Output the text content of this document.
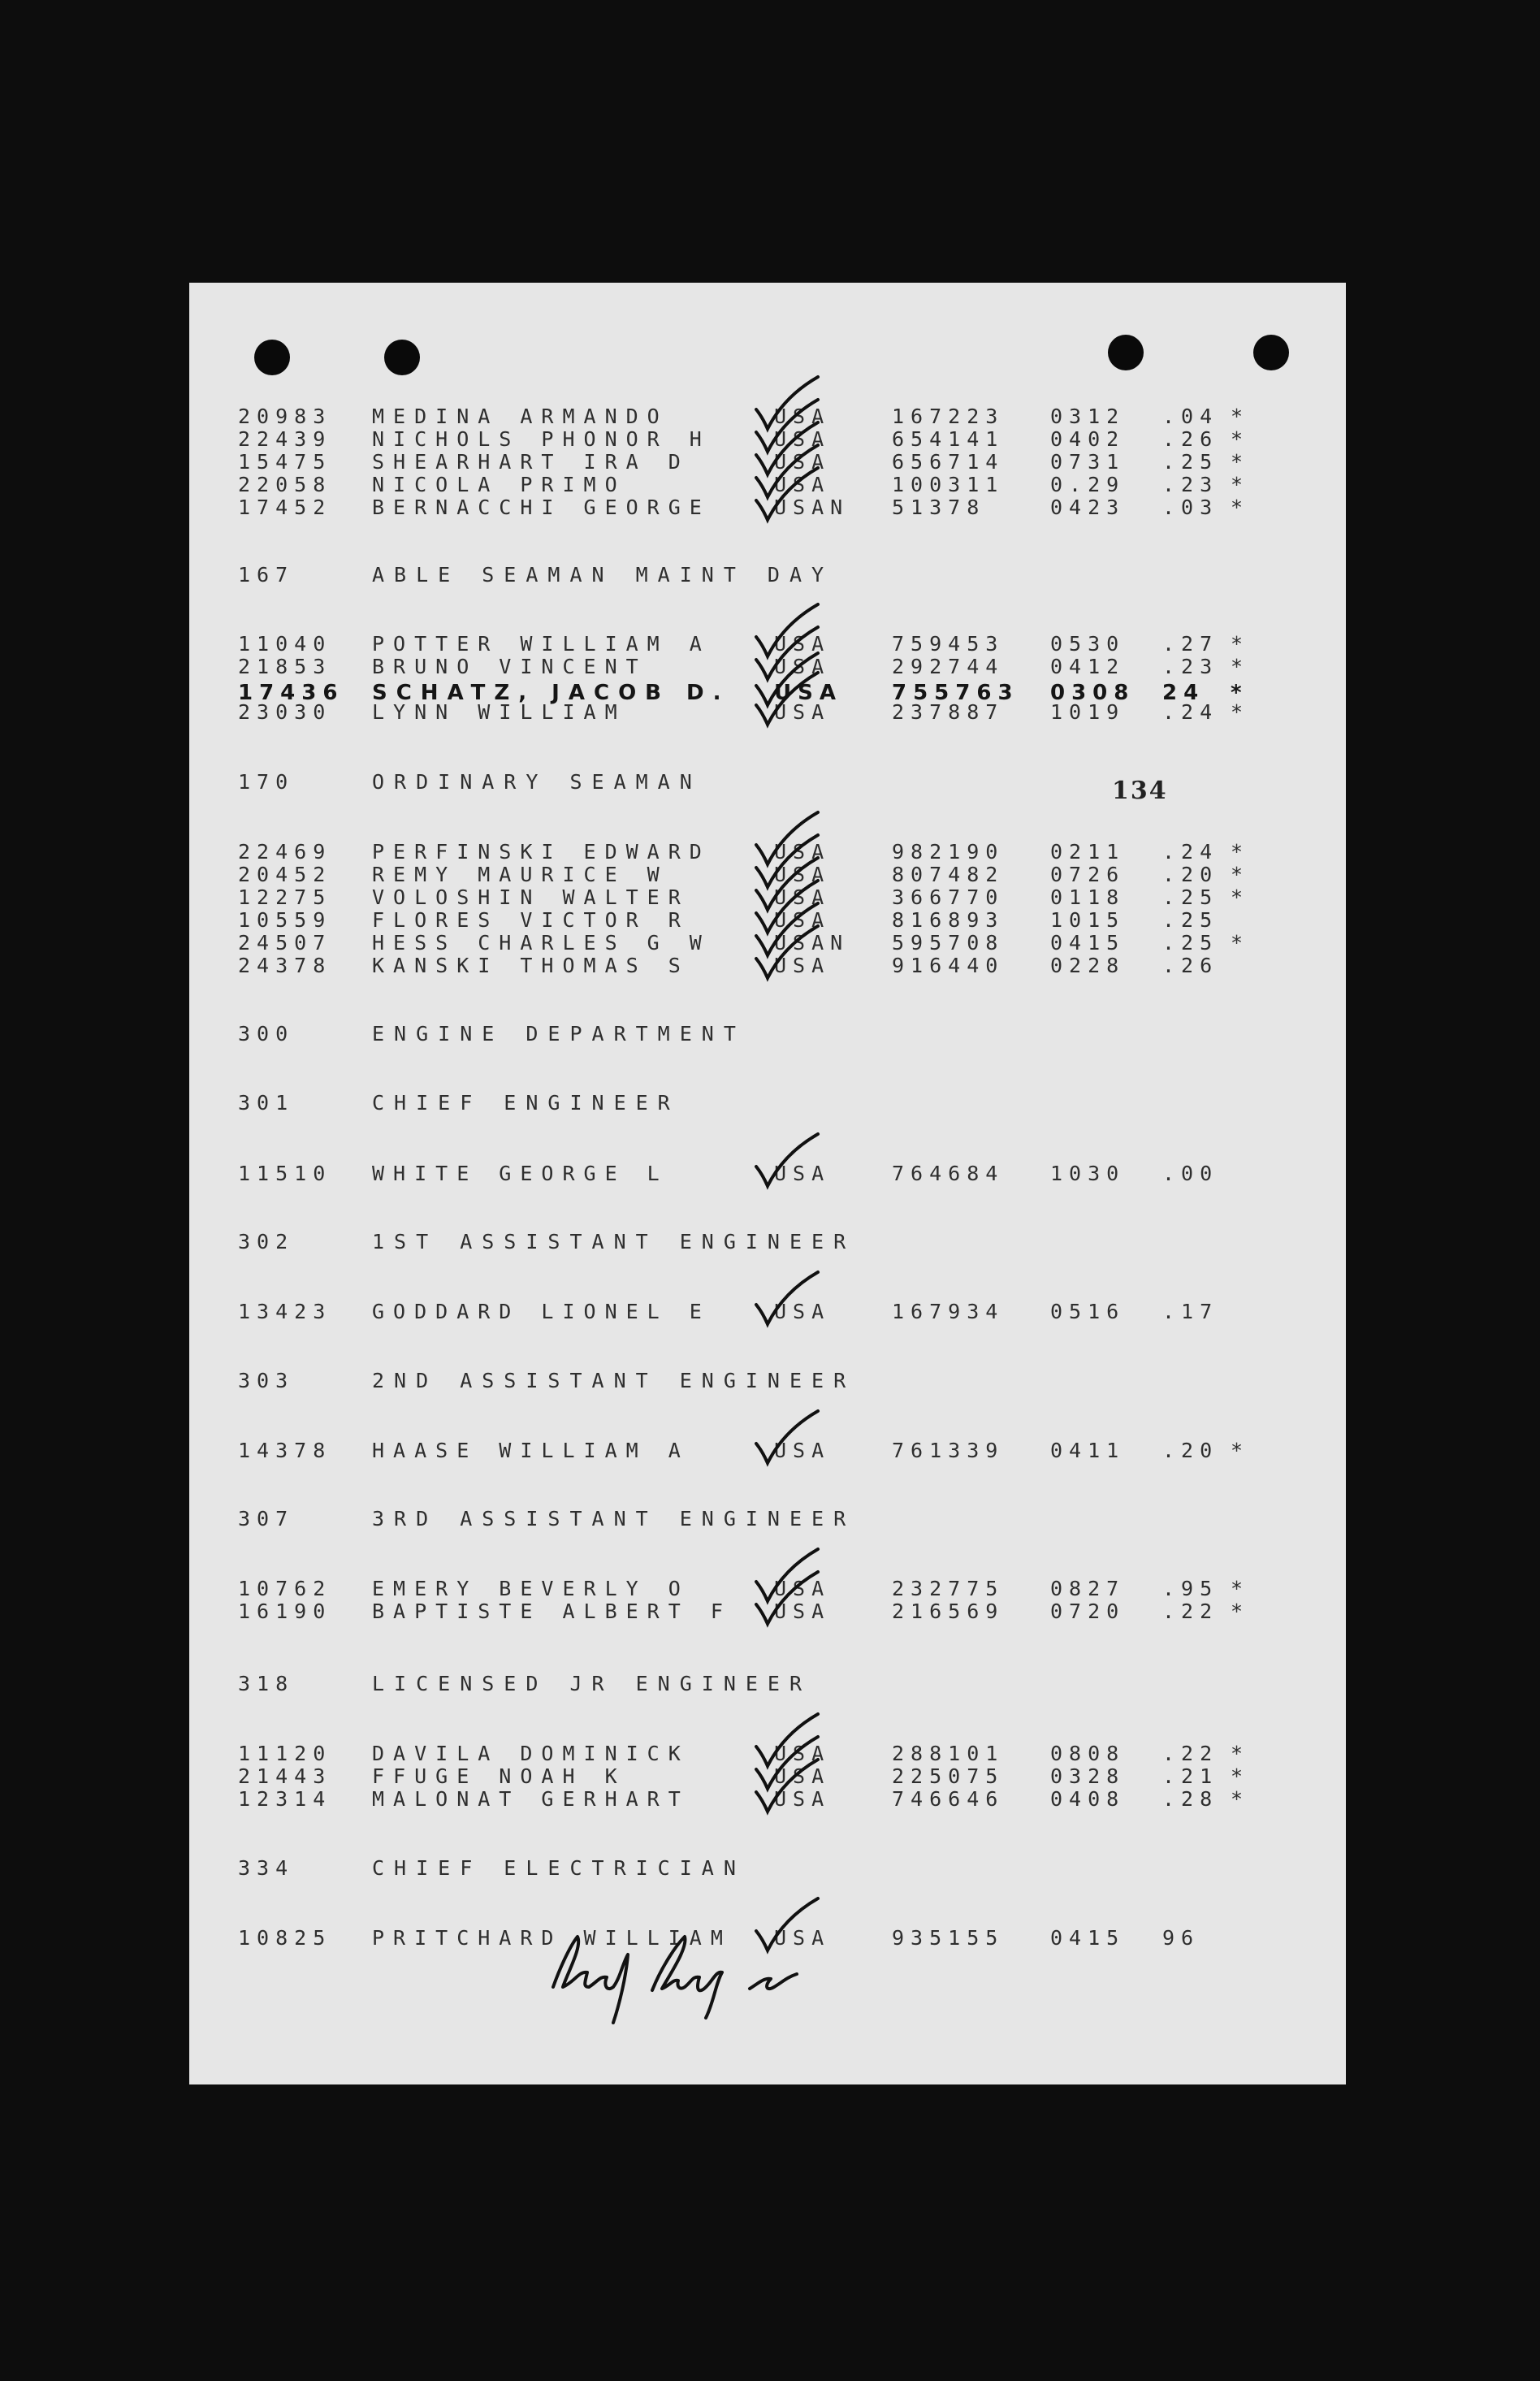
134
20983 MEDINA ARMANDO	USA	167223 0312 .04 *
22439 NICHOLS PHONOR H	USA	654141 0402 .26 *
15475 SHEARHART IRA D	USA	656714 0731 .25 *
22058 NICOLA PRIMO	USA	100311 0.29 .23 *
17452 BERNACCHI GEORGE	USAN 51378	0423 .03 *
167	ABLE SEAMAN MAINT DAY
11040 POTTER WILLIAM A	USA	759453 0530 .27 *
21853 BRUNO VINCENT	USA	292744 0412 .23 *
17436 SCHATZ, JACOB D. USA 755763 0308 24 *
23030 LYNN WILLIAM	USA	237887 1019 .24 *
170	ORDINARY SEAMAN
22469 PERFINSKI EDWARD	USA	982190 0211 .24 *
20452 REMY MAURICE W	USA	807482 0726 .20 *
12275 VOLOSHIN WALTER	USA	366770 0118 .25 *
10559 FLORES VICTOR R	USA	816893 1015 .25
24507 HESS CHARLES G W	USAN 595708 0415 .25 *
24378 KANSKI THOMAS S	USA	916440 0228 .26
300	ENGINE DEPARTMENT
301	CHIEF ENGINEER
11510 WHITE GEORGE L	USA	764684 1030 .00
302	1ST ASSISTANT ENGINEER
13423 GODDARD LIONEL E	USA	167934 0516 .17
303	2ND ASSISTANT ENGINEER
14378 HAASE WILLIAM A	USA	761339 0411 .20 *
307	3RD ASSISTANT ENGINEER
10762 EMERY BEVERLY O	USA	232775 0827 .95 *
16190 BAPTISTE ALBERT F USA	216569 0720 .22 *
318	LICENSED JR ENGINEER
11120 DAVILA DOMINICK	USA	288101 0808 .22 *
21443 FFUGE NOAH K	USA	225075 0328 .21 *
12314 MALONAT GERHART	USA	746646 0408 .28 *
334	CHIEF ELECTRICIAN
10825 PRITCHARD WILLIAM USA	935155 0415 96
